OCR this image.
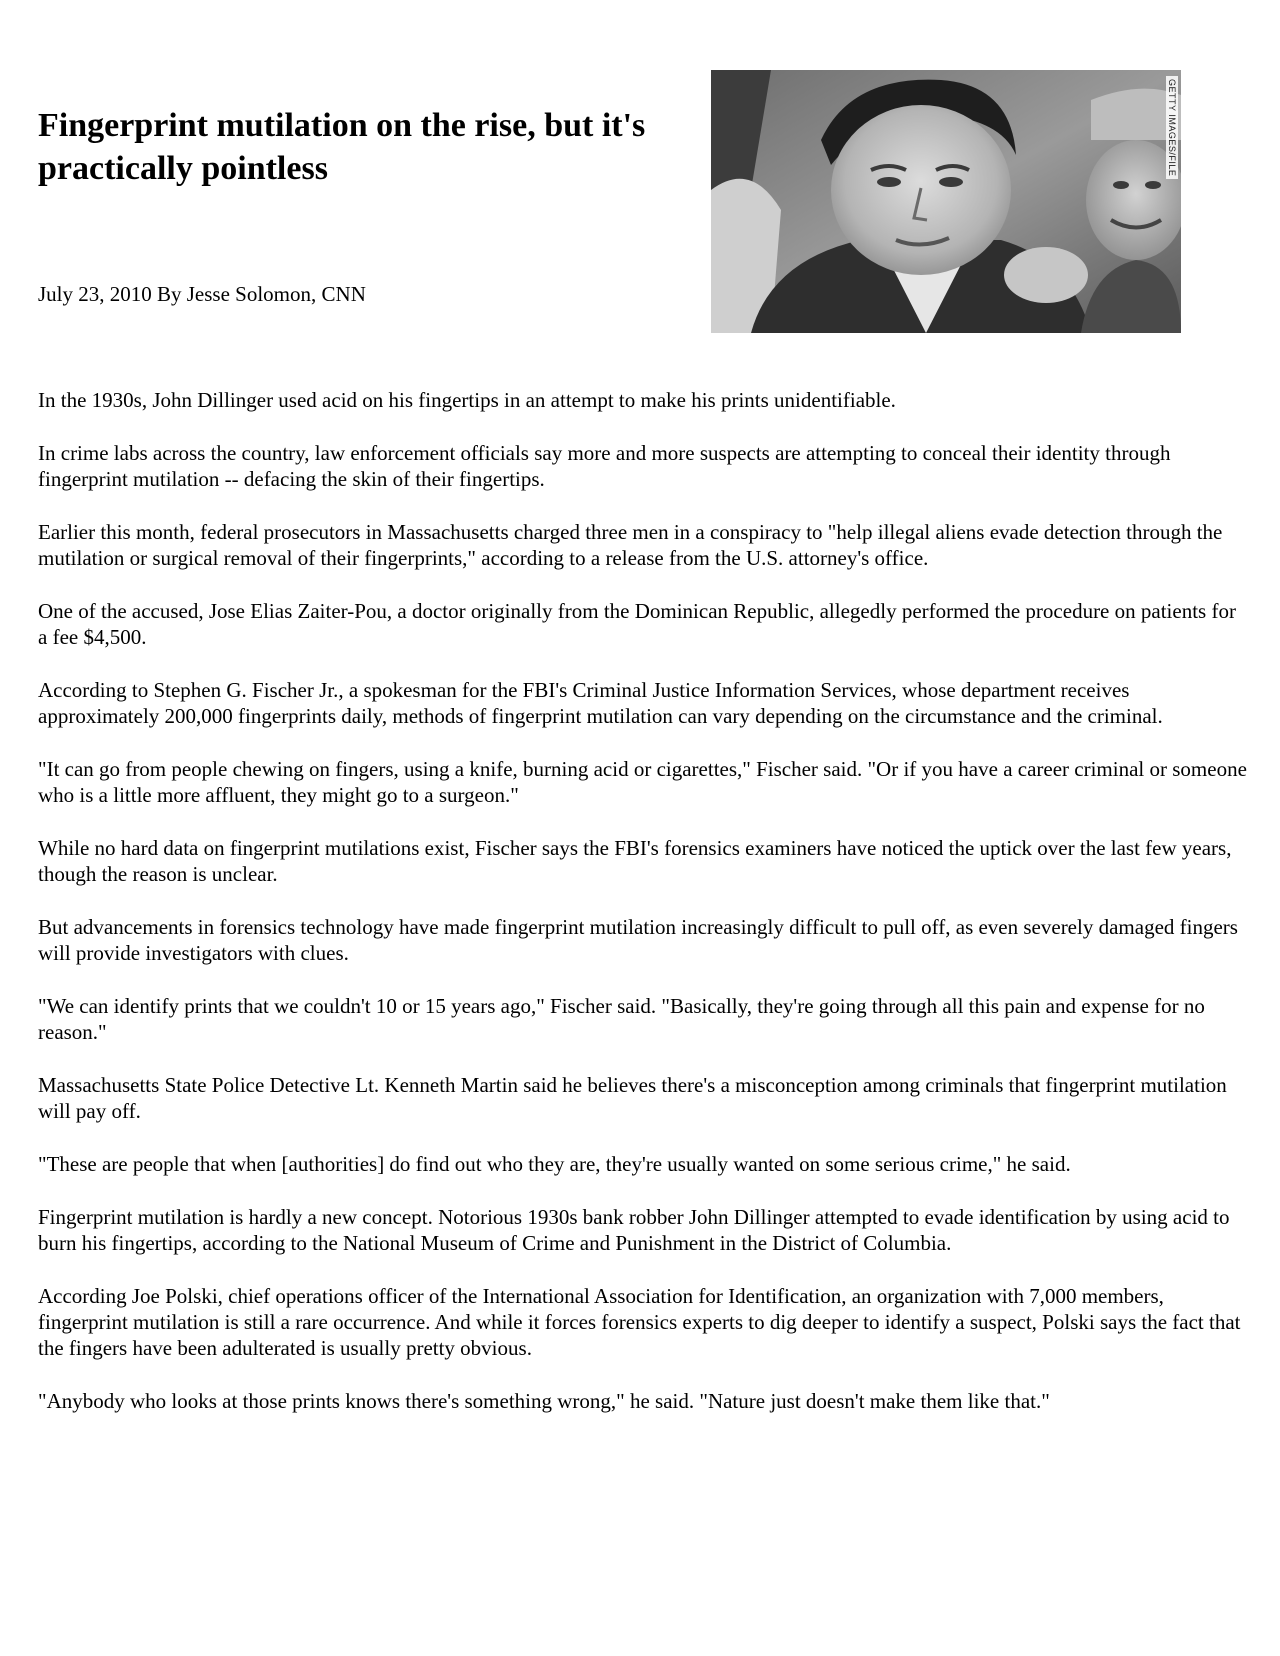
Fingerprint mutilation on the rise, but it's practically pointless

July 23, 2010 By Jesse Solomon, CNN

GETTY IMAGES/FILE

In the 1930s, John Dillinger used acid on his fingertips in an attempt to make his prints unidentifiable.

In crime labs across the country, law enforcement officials say more and more suspects are attempting to conceal their identity through fingerprint mutilation -- defacing the skin of their fingertips.

Earlier this month, federal prosecutors in Massachusetts charged three men in a conspiracy to "help illegal aliens evade detection through the mutilation or surgical removal of their fingerprints," according to a release from the U.S. attorney's office.

One of the accused, Jose Elias Zaiter-Pou, a doctor originally from the Dominican Republic, allegedly performed the procedure on patients for a fee $4,500.

According to Stephen G. Fischer Jr., a spokesman for the FBI's Criminal Justice Information Services, whose department receives approximately 200,000 fingerprints daily, methods of fingerprint mutilation can vary depending on the circumstance and the criminal.

"It can go from people chewing on fingers, using a knife, burning acid or cigarettes," Fischer said. "Or if you have a career criminal or someone who is a little more affluent, they might go to a surgeon."

While no hard data on fingerprint mutilations exist, Fischer says the FBI's forensics examiners have noticed the uptick over the last few years, though the reason is unclear.

But advancements in forensics technology have made fingerprint mutilation increasingly difficult to pull off, as even severely damaged fingers will provide investigators with clues.

"We can identify prints that we couldn't 10 or 15 years ago," Fischer said. "Basically, they're going through all this pain and expense for no reason."

Massachusetts State Police Detective Lt. Kenneth Martin said he believes there's a misconception among criminals that fingerprint mutilation will pay off.

"These are people that when [authorities] do find out who they are, they're usually wanted on some serious crime," he said.

Fingerprint mutilation is hardly a new concept. Notorious 1930s bank robber John Dillinger attempted to evade identification by using acid to burn his fingertips, according to the National Museum of Crime and Punishment in the District of Columbia.

According Joe Polski, chief operations officer of the International Association for Identification, an organization with 7,000 members, fingerprint mutilation is still a rare occurrence. And while it forces forensics experts to dig deeper to identify a suspect, Polski says the fact that the fingers have been adulterated is usually pretty obvious.

"Anybody who looks at those prints knows there's something wrong," he said. "Nature just doesn't make them like that."
